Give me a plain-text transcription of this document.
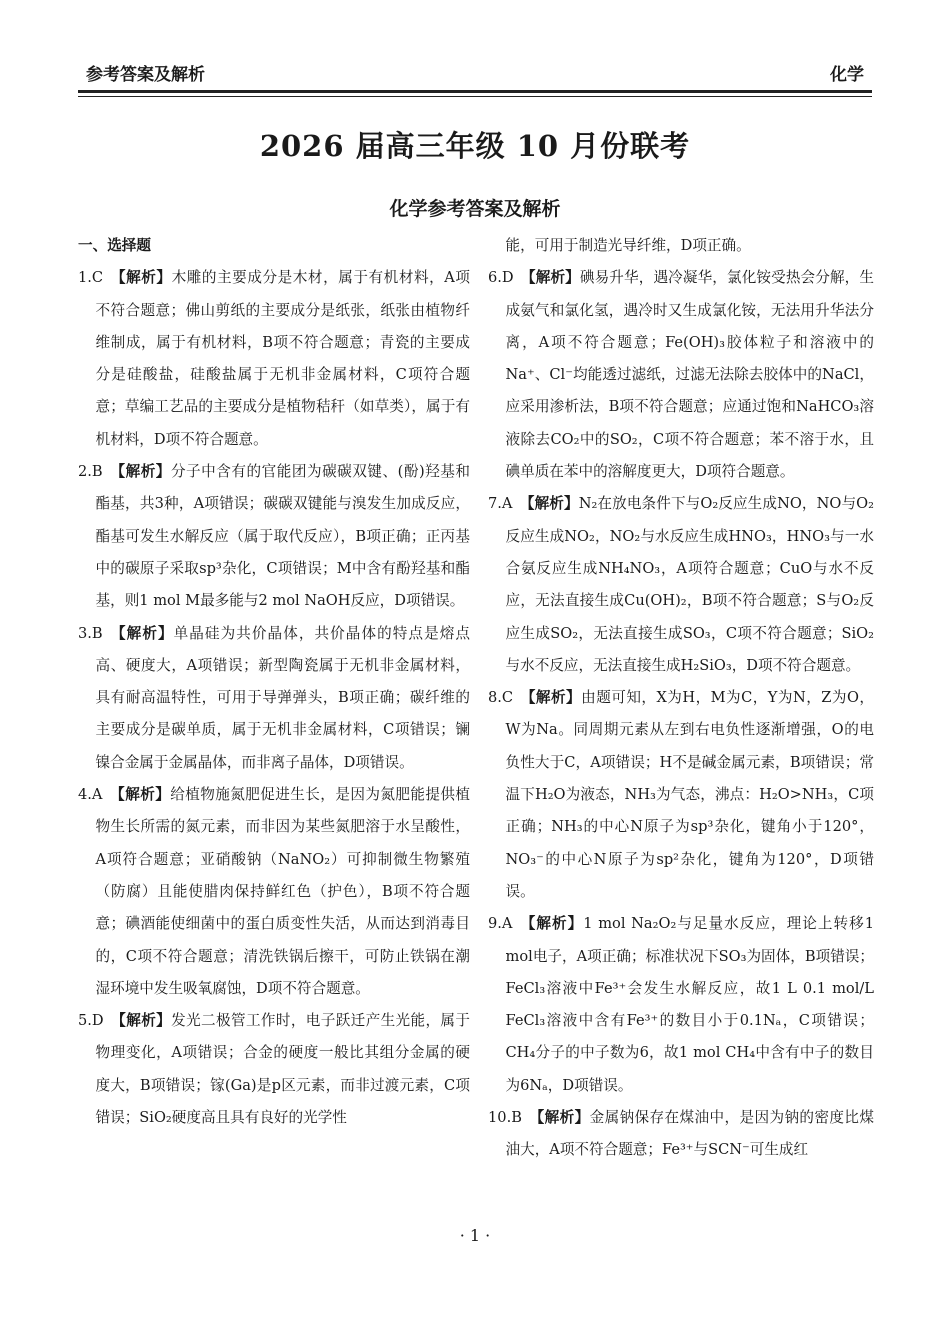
参考答案及解析	化学
2026 届高三年级 10 月份联考
化学参考答案及解析
一、选择题

1.C 【解析】木雕的主要成分是木材，属于有机材料，A项不符合题意；佛山剪纸的主要成分是纸张，纸张由植物纤维制成，属于有机材料，B项不符合题意；青瓷的主要成分是硅酸盐，硅酸盐属于无机非金属材料，C项符合题意；草编工艺品的主要成分是植物秸秆（如草类），属于有机材料，D项不符合题意。

2.B 【解析】分子中含有的官能团为碳碳双键、(酚)羟基和酯基，共3种，A项错误；碳碳双键能与溴发生加成反应，酯基可发生水解反应（属于取代反应），B项正确；正丙基中的碳原子采取sp³杂化，C项错误；M中含有酚羟基和酯基，则1 mol M最多能与2 mol NaOH反应，D项错误。

3.B 【解析】单晶硅为共价晶体，共价晶体的特点是熔点高、硬度大，A项错误；新型陶瓷属于无机非金属材料，具有耐高温特性，可用于导弹弹头，B项正确；碳纤维的主要成分是碳单质，属于无机非金属材料，C项错误；镧镍合金属于金属晶体，而非离子晶体，D项错误。

4.A 【解析】给植物施氮肥促进生长，是因为氮肥能提供植物生长所需的氮元素，而非因为某些氮肥溶于水呈酸性，A项符合题意；亚硝酸钠（NaNO₂）可抑制微生物繁殖（防腐）且能使腊肉保持鲜红色（护色），B项不符合题意；碘酒能使细菌中的蛋白质变性失活，从而达到消毒目的，C项不符合题意；清洗铁锅后擦干，可防止铁锅在潮湿环境中发生吸氧腐蚀，D项不符合题意。

5.D 【解析】发光二极管工作时，电子跃迁产生光能，属于物理变化，A项错误；合金的硬度一般比其组分金属的硬度大，B项错误；镓(Ga)是p区元素，而非过渡元素，C项错误；SiO₂硬度高且具有良好的光学性

能，可用于制造光导纤维，D项正确。

6.D 【解析】碘易升华，遇冷凝华，氯化铵受热会分解，生成氨气和氯化氢，遇冷时又生成氯化铵，无法用升华法分离，A项不符合题意；Fe(OH)₃胶体粒子和溶液中的Na⁺、Cl⁻均能透过滤纸，过滤无法除去胶体中的NaCl，应采用渗析法，B项不符合题意；应通过饱和NaHCO₃溶液除去CO₂中的SO₂，C项不符合题意；苯不溶于水，且碘单质在苯中的溶解度更大，D项符合题意。

7.A 【解析】N₂在放电条件下与O₂反应生成NO，NO与O₂反应生成NO₂，NO₂与水反应生成HNO₃，HNO₃与一水合氨反应生成NH₄NO₃，A项符合题意；CuO与水不反应，无法直接生成Cu(OH)₂，B项不符合题意；S与O₂反应生成SO₂，无法直接生成SO₃，C项不符合题意；SiO₂与水不反应，无法直接生成H₂SiO₃，D项不符合题意。

8.C 【解析】由题可知，X为H，M为C，Y为N，Z为O，W为Na。同周期元素从左到右电负性逐渐增强，O的电负性大于C，A项错误；H不是碱金属元素，B项错误；常温下H₂O为液态，NH₃为气态，沸点：H₂O>NH₃，C项正确；NH₃的中心N原子为sp³杂化，键角小于120°，NO₃⁻的中心N原子为sp²杂化，键角为120°，D项错误。

9.A 【解析】1 mol Na₂O₂与足量水反应，理论上转移1 mol电子，A项正确；标准状况下SO₃为固体，B项错误；FeCl₃溶液中Fe³⁺会发生水解反应，故1 L 0.1 mol/L FeCl₃溶液中含有Fe³⁺的数目小于0.1Nₐ，C项错误；CH₄分子的中子数为6，故1 mol CH₄中含有中子的数目为6Nₐ，D项错误。

10.B 【解析】金属钠保存在煤油中，是因为钠的密度比煤油大，A项不符合题意；Fe³⁺与SCN⁻可生成红

· 1 ·
